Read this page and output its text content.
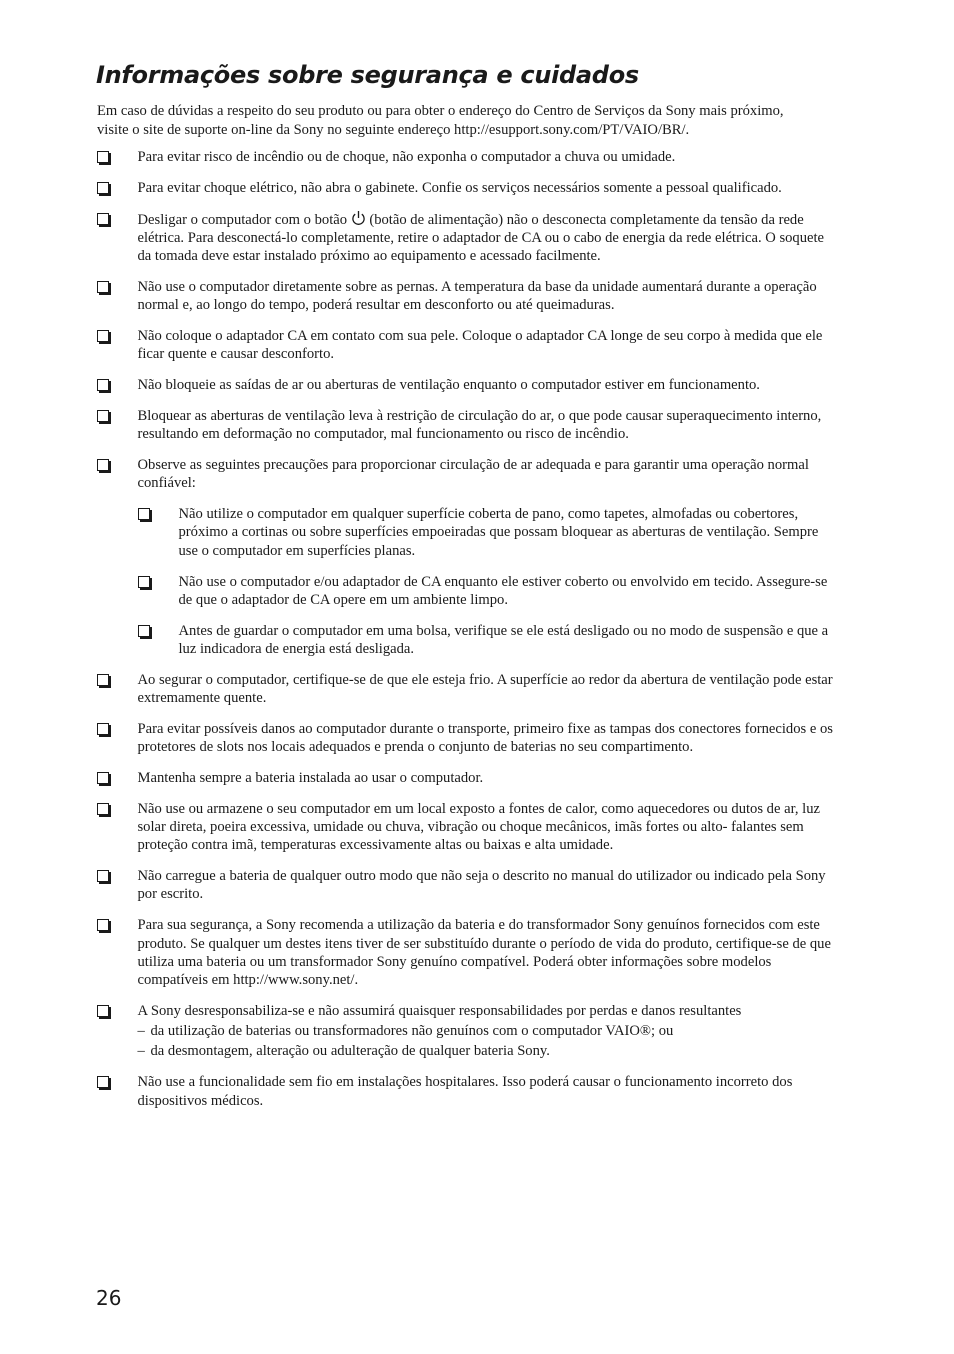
Informações sobre segurança e cuidados

Em caso de dúvidas a respeito do seu produto ou para obter o endereço do Centro de Serviços da Sony mais próximo, visite o site de suporte on-line da Sony no seguinte endereço http://esupport.sony.com/PT/VAIO/BR/.

Para evitar risco de incêndio ou de choque, não exponha o computador a chuva ou umidade.
Para evitar choque elétrico, não abra o gabinete. Confie os serviços necessários somente a pessoal qualificado.
Desligar o computador com o botão (botão de alimentação) não o desconecta completamente da tensão da rede elétrica. Para desconectá-lo completamente, retire o adaptador de CA ou o cabo de energia da rede elétrica. O soquete da tomada deve estar instalado próximo ao equipamento e acessado facilmente.
Não use o computador diretamente sobre as pernas. A temperatura da base da unidade aumentará durante a operação normal e, ao longo do tempo, poderá resultar em desconforto ou até queimaduras.
Não coloque o adaptador CA em contato com sua pele. Coloque o adaptador CA longe de seu corpo à medida que ele ficar quente e causar desconforto.
Não bloqueie as saídas de ar ou aberturas de ventilação enquanto o computador estiver em funcionamento.
Bloquear as aberturas de ventilação leva à restrição de circulação do ar, o que pode causar superaquecimento interno, resultando em deformação no computador, mal funcionamento ou risco de incêndio.
Observe as seguintes precauções para proporcionar circulação de ar adequada e para garantir uma operação normal confiável:
Não utilize o computador em qualquer superfície coberta de pano, como tapetes, almofadas ou cobertores, próximo a cortinas ou sobre superfícies empoeiradas que possam bloquear as aberturas de ventilação. Sempre use o computador em superfícies planas.
Não use o computador e/ou adaptador de CA enquanto ele estiver coberto ou envolvido em tecido. Assegure-se de que o adaptador de CA opere em um ambiente limpo.
Antes de guardar o computador em uma bolsa, verifique se ele está desligado ou no modo de suspensão e que a luz indicadora de energia está desligada.
Ao segurar o computador, certifique-se de que ele esteja frio. A superfície ao redor da abertura de ventilação pode estar extremamente quente.
Para evitar possíveis danos ao computador durante o transporte, primeiro fixe as tampas dos conectores fornecidos e os protetores de slots nos locais adequados e prenda o conjunto de baterias no seu compartimento.
Mantenha sempre a bateria instalada ao usar o computador.
Não use ou armazene o seu computador em um local exposto a fontes de calor, como aquecedores ou dutos de ar, luz solar direta, poeira excessiva, umidade ou chuva, vibração ou choque mecânicos, imãs fortes ou alto- falantes sem proteção contra imã, temperaturas excessivamente altas ou baixas e alta umidade.
Não carregue a bateria de qualquer outro modo que não seja o descrito no manual do utilizador ou indicado pela Sony por escrito.
Para sua segurança, a Sony recomenda a utilização da bateria e do transformador Sony genuínos fornecidos com este produto. Se qualquer um destes itens tiver de ser substituído durante o período de vida do produto, certifique-se de que utiliza uma bateria ou um transformador Sony genuíno compatível. Poderá obter informações sobre modelos compatíveis em http://www.sony.net/.
A Sony desresponsabiliza-se e não assumirá quaisquer responsabilidades por perdas e danos resultantes
– da utilização de baterias ou transformadores não genuínos com o computador VAIO®; ou
– da desmontagem, alteração ou adulteração de qualquer bateria Sony.
Não use a funcionalidade sem fio em instalações hospitalares. Isso poderá causar o funcionamento incorreto dos dispositivos médicos.

26
